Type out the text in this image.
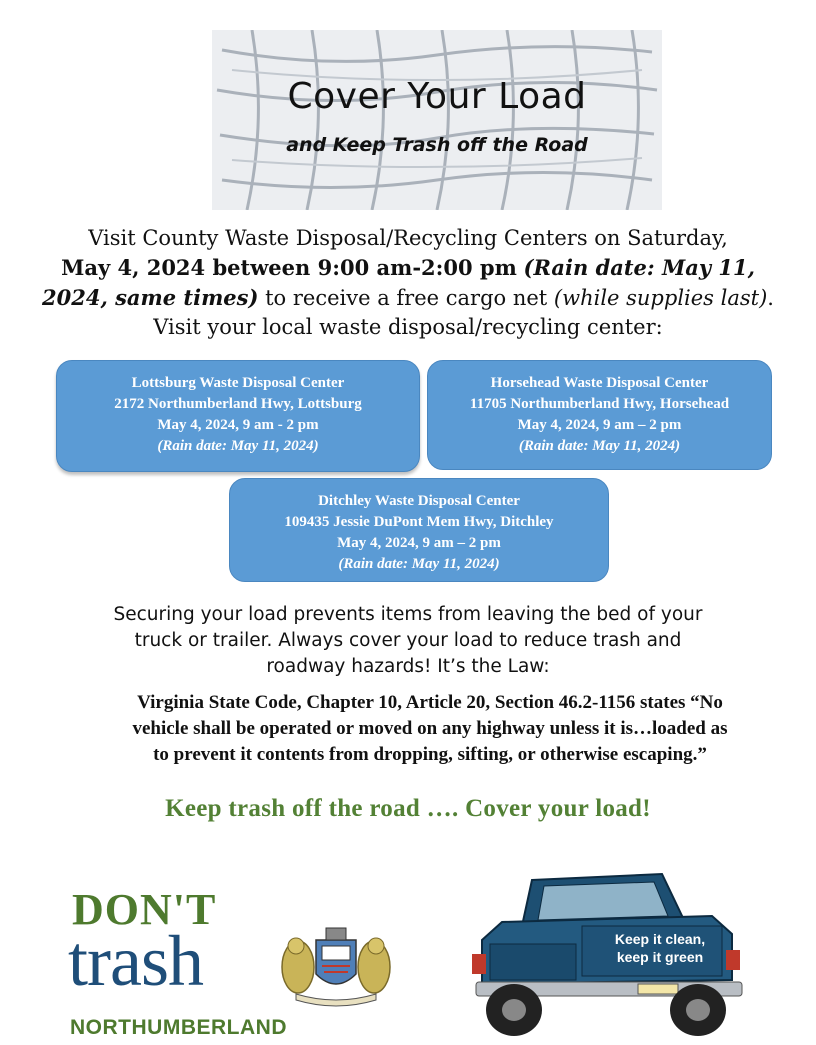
Cover Your Load
and Keep Trash off the Road
Visit County Waste Disposal/Recycling Centers on Saturday,
May 4, 2024 between 9:00 am-2:00 pm (Rain date: May 11, 2024, same times) to receive a free cargo net (while supplies last). Visit your local waste disposal/recycling center:
Lottsburg Waste Disposal Center
2172 Northumberland Hwy, Lottsburg
May 4, 2024, 9 am - 2 pm
(Rain date: May 11, 2024)
Horsehead Waste Disposal Center
11705 Northumberland Hwy, Horsehead
May 4, 2024, 9 am – 2 pm
(Rain date: May 11, 2024)
Ditchley Waste Disposal Center
109435 Jessie DuPont Mem Hwy, Ditchley
May 4, 2024, 9 am – 2 pm
(Rain date: May 11, 2024)
Securing your load prevents items from leaving the bed of your
truck or trailer. Always cover your load to reduce trash and
roadway hazards! It’s the Law:
Virginia State Code, Chapter 10, Article 20, Section 46.2-1156 states “No
vehicle shall be operated or moved on any highway unless it is…loaded as
to prevent it contents from dropping, sifting, or otherwise escaping.”
Keep trash off the road …. Cover your load!
DON'T
trash
NORTHUMBERLAND
Keep it clean,
keep it green
